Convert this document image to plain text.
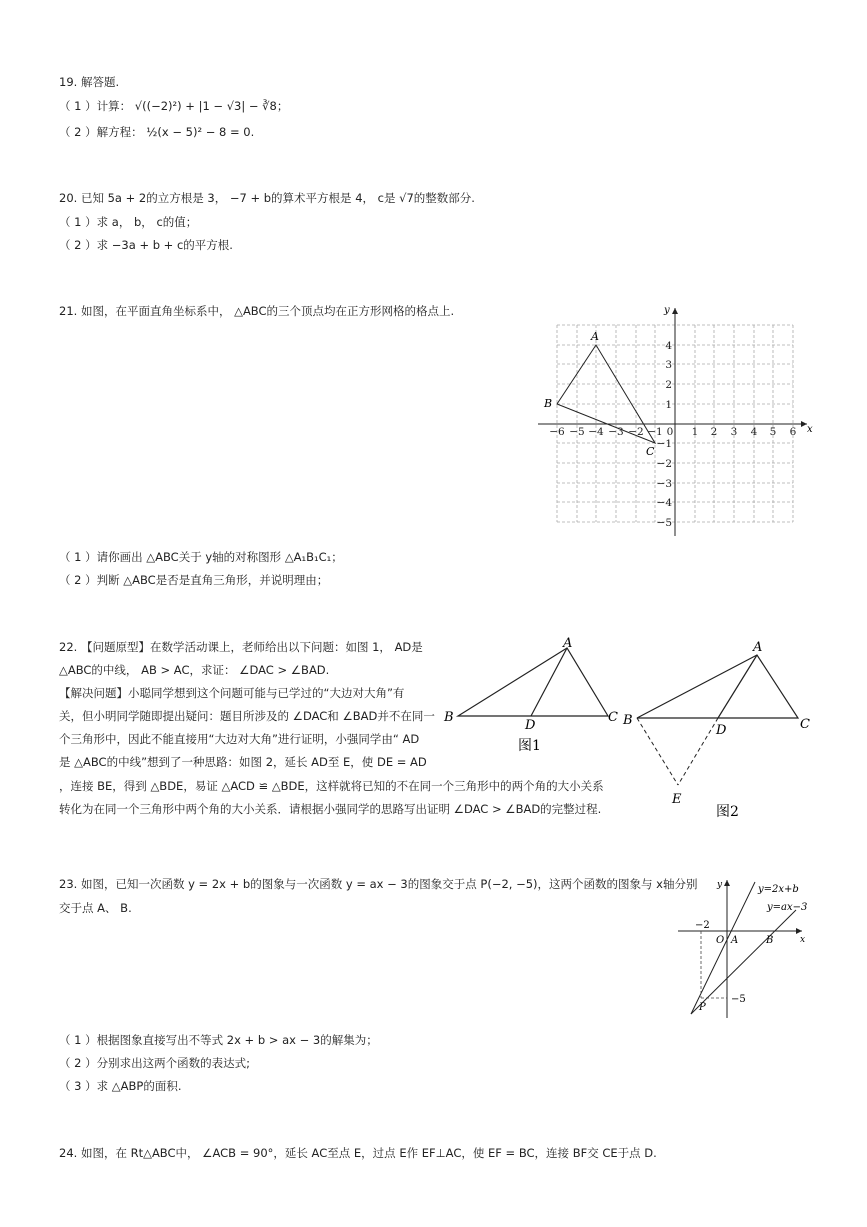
19. 解答题.
（ 1 ）计算： √((−2)²) + |1 − √3| − ∛8；
（ 2 ）解方程： ½(x − 5)² − 8 = 0.
20. 已知 5a + 2的立方根是 3， −7 + b的算术平方根是 4， c是 √7的整数部分.
（ 1 ）求 a， b， c的值；
（ 2 ）求 −3a + b + c的平方根.
21. 如图，在平面直角坐标系中， △ABC的三个顶点均在正方形网格的格点上.
（ 1 ）请你画出 △ABC关于 y轴的对称图形 △A₁B₁C₁；
（ 2 ）判断 △ABC是否是直角三角形，并说明理由；
x
y
−6 −5 −4 −3 −2 −1 0 1 2 3 4 5 6
1
2
3
4
−1
−2
−3
−4
−5
A
B
C
22. 【问题原型】在数学活动课上，老师给出以下问题：如图 1， AD是
△ABC的中线， AB > AC，求证： ∠DAC > ∠BAD.
【解决问题】小聪同学想到这个问题可能与已学过的“大边对大角”有
关，但小明同学随即提出疑问：题目所涉及的 ∠DAC和 ∠BAD并不在同一
个三角形中，因此不能直接用“大边对大角”进行证明，小强同学由“ AD
是 △ABC的中线”想到了一种思路：如图 2，延长 AD至 E，使 DE = AD
，连接 BE，得到 △BDE，易证 △ACD ≌ △BDE，这样就将已知的不在同一个三角形中的两个角的大小关系
转化为在同一个三角形中两个角的大小关系．请根据小强同学的思路写出证明 ∠DAC > ∠BAD的完整过程.
A
B	C
D
图1
A
B	C
D
E
图2
23. 如图，已知一次函数 y = 2x + b的图象与一次函数 y = ax − 3的图象交于点 P(−2, −5)，这两个函数的图象与 x轴分别
交于点 A、 B.
（ 1 ）根据图象直接写出不等式 2x + b > ax − 3的解集为；
（ 2 ）分别求出这两个函数的表达式;
（ 3 ）求 △ABP的面积.
x
y	y=2x+b
y=ax−3
−2
−5
O A	B
P
24. 如图，在 Rt△ABC中， ∠ACB = 90°，延长 AC至点 E，过点 E作 EF⊥AC，使 EF = BC，连接 BF交 CE于点 D.
